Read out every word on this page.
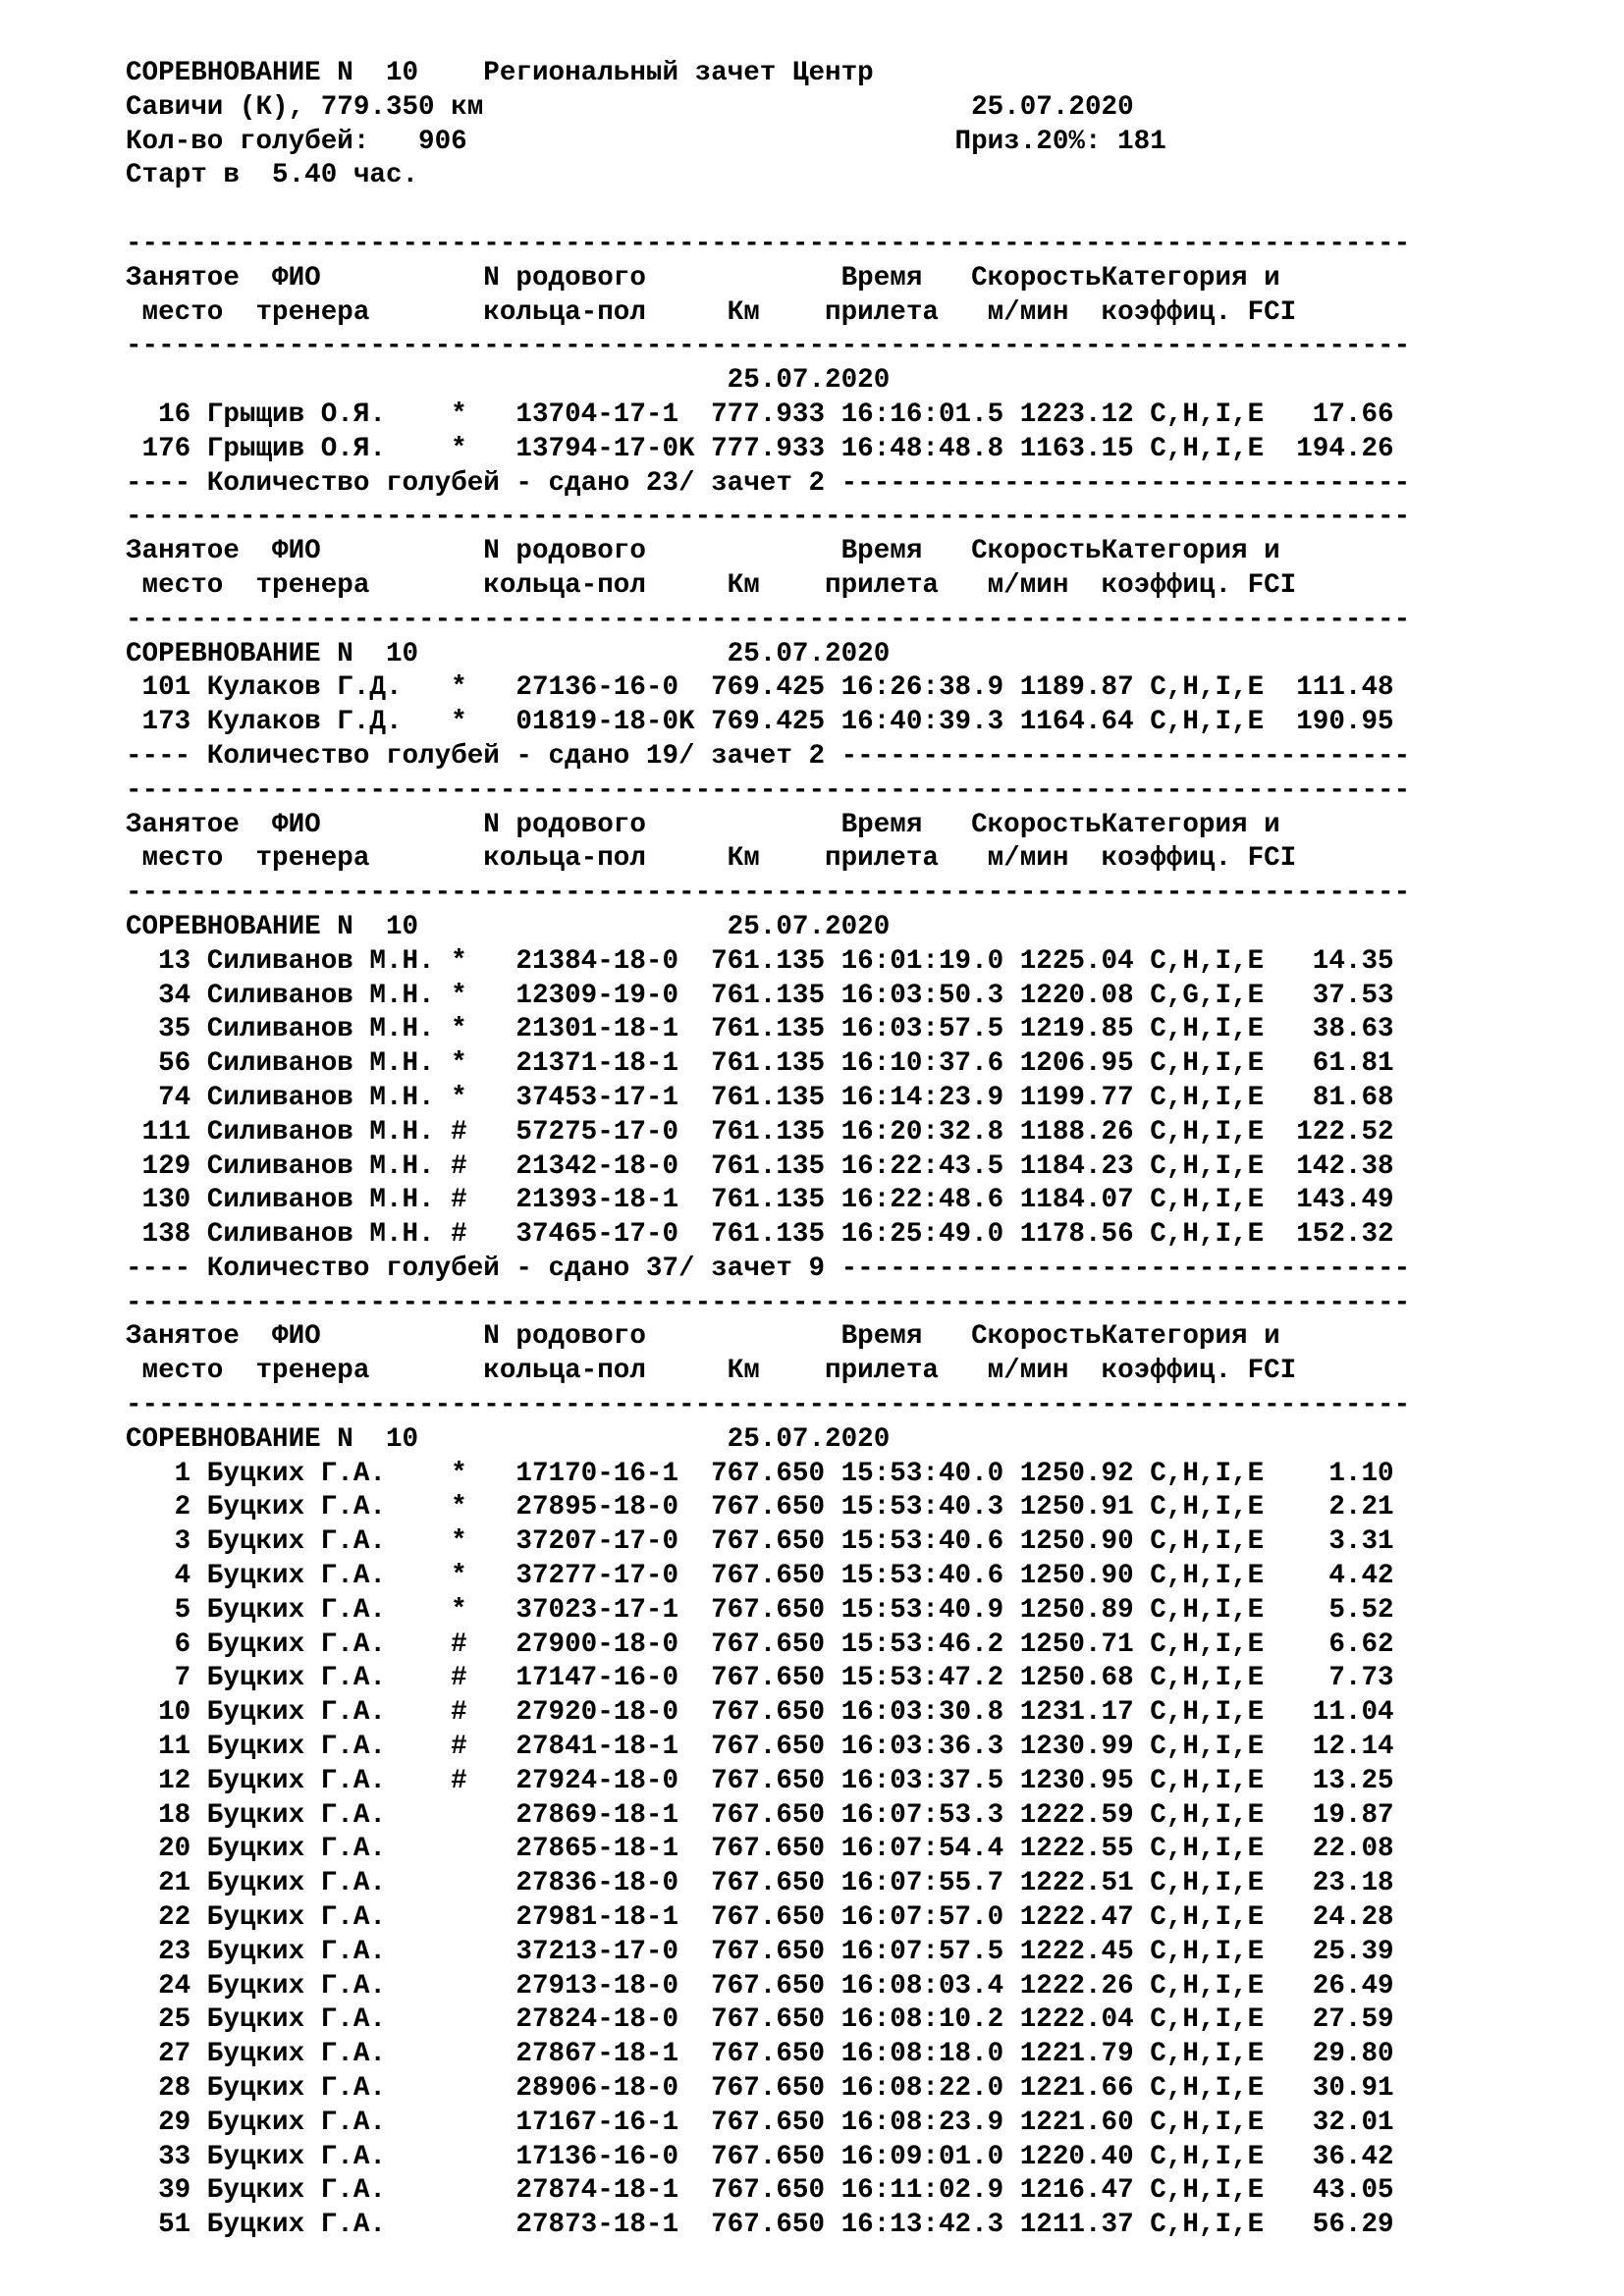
СОРЕВНОВАНИЕ N  10    Региональный зачет Центр
Савичи (К), 779.350 км                              25.07.2020
Кол-во голубей:   906                              Приз.20%: 181
Старт в  5.40 час.

-------------------------------------------------------------------------------
Занятое  ФИО          N родового            Время   СкоростьКатегория и
место  тренера       кольца-пол     Км    прилета   м/мин  коэффиц. FCI
-------------------------------------------------------------------------------
25.07.2020
16 Грыщив О.Я.    *   13704-17-1  777.933 16:16:01.5 1223.12 C,H,I,E   17.66
176 Грыщив О.Я.    *   13794-17-0K 777.933 16:48:48.8 1163.15 C,H,I,E  194.26
---- Количество голубей - сдано 23/ зачет 2 -----------------------------------
-------------------------------------------------------------------------------
Занятое  ФИО          N родового            Время   СкоростьКатегория и
место  тренера       кольца-пол     Км    прилета   м/мин  коэффиц. FCI
-------------------------------------------------------------------------------
СОРЕВНОВАНИЕ N  10                   25.07.2020
101 Кулаков Г.Д.   *   27136-16-0  769.425 16:26:38.9 1189.87 C,H,I,E  111.48
173 Кулаков Г.Д.   *   01819-18-0K 769.425 16:40:39.3 1164.64 C,H,I,E  190.95
---- Количество голубей - сдано 19/ зачет 2 -----------------------------------
-------------------------------------------------------------------------------
Занятое  ФИО          N родового            Время   СкоростьКатегория и
место  тренера       кольца-пол     Км    прилета   м/мин  коэффиц. FCI
-------------------------------------------------------------------------------
СОРЕВНОВАНИЕ N  10                   25.07.2020
13 Силиванов М.Н. *   21384-18-0  761.135 16:01:19.0 1225.04 C,H,I,E   14.35
34 Силиванов М.Н. *   12309-19-0  761.135 16:03:50.3 1220.08 C,G,I,E   37.53
35 Силиванов М.Н. *   21301-18-1  761.135 16:03:57.5 1219.85 C,H,I,E   38.63
56 Силиванов М.Н. *   21371-18-1  761.135 16:10:37.6 1206.95 C,H,I,E   61.81
74 Силиванов М.Н. *   37453-17-1  761.135 16:14:23.9 1199.77 C,H,I,E   81.68
111 Силиванов М.Н. #   57275-17-0  761.135 16:20:32.8 1188.26 C,H,I,E  122.52
129 Силиванов М.Н. #   21342-18-0  761.135 16:22:43.5 1184.23 C,H,I,E  142.38
130 Силиванов М.Н. #   21393-18-1  761.135 16:22:48.6 1184.07 C,H,I,E  143.49
138 Силиванов М.Н. #   37465-17-0  761.135 16:25:49.0 1178.56 C,H,I,E  152.32
---- Количество голубей - сдано 37/ зачет 9 -----------------------------------
-------------------------------------------------------------------------------
Занятое  ФИО          N родового            Время   СкоростьКатегория и
место  тренера       кольца-пол     Км    прилета   м/мин  коэффиц. FCI
-------------------------------------------------------------------------------
СОРЕВНОВАНИЕ N  10                   25.07.2020
1 Буцких Г.А.    *   17170-16-1  767.650 15:53:40.0 1250.92 C,H,I,E    1.10
2 Буцких Г.А.    *   27895-18-0  767.650 15:53:40.3 1250.91 C,H,I,E    2.21
3 Буцких Г.А.    *   37207-17-0  767.650 15:53:40.6 1250.90 C,H,I,E    3.31
4 Буцких Г.А.    *   37277-17-0  767.650 15:53:40.6 1250.90 C,H,I,E    4.42
5 Буцких Г.А.    *   37023-17-1  767.650 15:53:40.9 1250.89 C,H,I,E    5.52
6 Буцких Г.А.    #   27900-18-0  767.650 15:53:46.2 1250.71 C,H,I,E    6.62
7 Буцких Г.А.    #   17147-16-0  767.650 15:53:47.2 1250.68 C,H,I,E    7.73
10 Буцких Г.А.    #   27920-18-0  767.650 16:03:30.8 1231.17 C,H,I,E   11.04
11 Буцких Г.А.    #   27841-18-1  767.650 16:03:36.3 1230.99 C,H,I,E   12.14
12 Буцких Г.А.    #   27924-18-0  767.650 16:03:37.5 1230.95 C,H,I,E   13.25
18 Буцких Г.А.        27869-18-1  767.650 16:07:53.3 1222.59 C,H,I,E   19.87
20 Буцких Г.А.        27865-18-1  767.650 16:07:54.4 1222.55 C,H,I,E   22.08
21 Буцких Г.А.        27836-18-0  767.650 16:07:55.7 1222.51 C,H,I,E   23.18
22 Буцких Г.А.        27981-18-1  767.650 16:07:57.0 1222.47 C,H,I,E   24.28
23 Буцких Г.А.        37213-17-0  767.650 16:07:57.5 1222.45 C,H,I,E   25.39
24 Буцких Г.А.        27913-18-0  767.650 16:08:03.4 1222.26 C,H,I,E   26.49
25 Буцких Г.А.        27824-18-0  767.650 16:08:10.2 1222.04 C,H,I,E   27.59
27 Буцких Г.А.        27867-18-1  767.650 16:08:18.0 1221.79 C,H,I,E   29.80
28 Буцких Г.А.        28906-18-0  767.650 16:08:22.0 1221.66 C,H,I,E   30.91
29 Буцких Г.А.        17167-16-1  767.650 16:08:23.9 1221.60 C,H,I,E   32.01
33 Буцких Г.А.        17136-16-0  767.650 16:09:01.0 1220.40 C,H,I,E   36.42
39 Буцких Г.А.        27874-18-1  767.650 16:11:02.9 1216.47 C,H,I,E   43.05
51 Буцких Г.А.        27873-18-1  767.650 16:13:42.3 1211.37 C,H,I,E   56.29
